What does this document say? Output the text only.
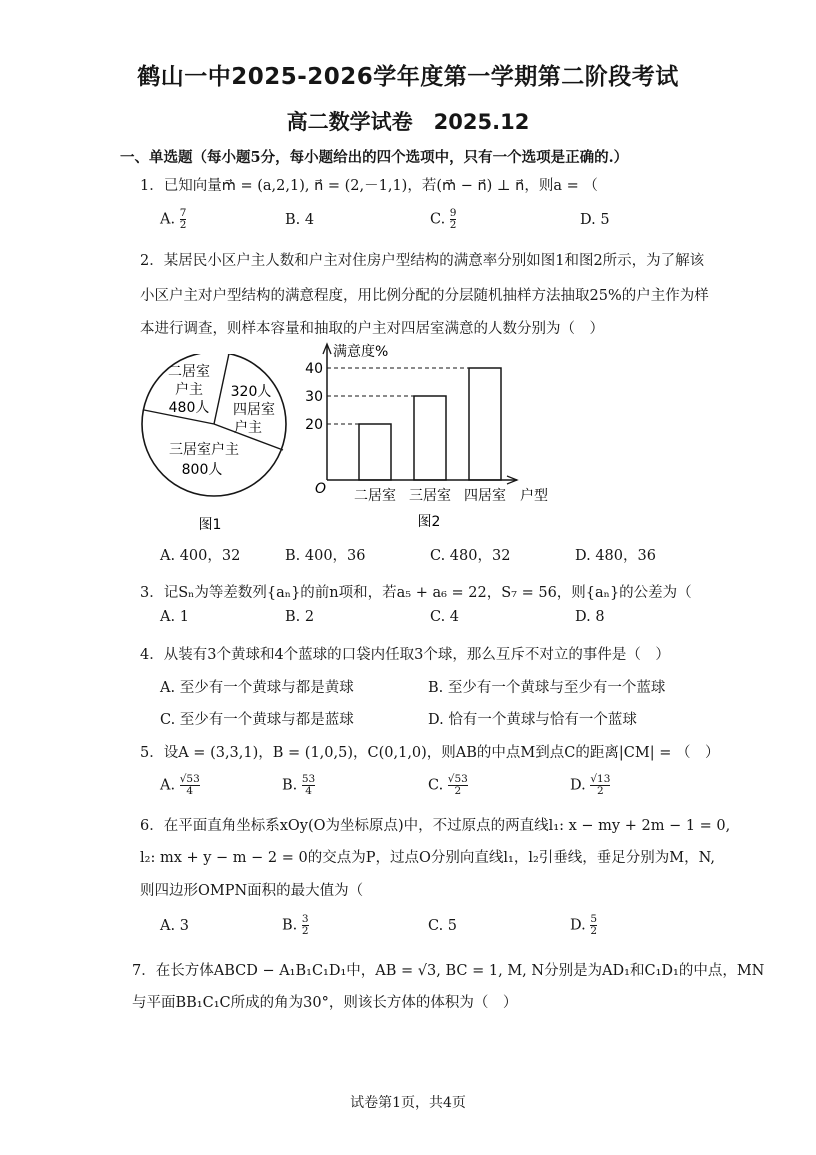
鹤山一中2025-2026学年度第一学期第二阶段考试
高二数学试卷　2025.12
一、单选题（每小题5分，每小题给出的四个选项中，只有一个选项是正确的.）
1．已知向量m⃗ = (a,2,1), n⃗ = (2,－1,1)，若(m⃗ − n⃗) ⊥ n⃗，则a = （
A. $\frac{7}{2}$	B. 4	C. $\frac{9}{2}$	D. 5
2．某居民小区户主人数和户主对住房户型结构的满意率分别如图1和图2所示，为了解该
小区户主对户型结构的满意程度，用比例分配的分层随机抽样方法抽取25%的户主作为样
本进行调查，则样本容量和抽取的户主对四居室满意的人数分别为（　）
二居室
户主
480人
320人
四居室
户主
三居室户主
800人
图1
满意度%
O 二居室 三居室 四居室
20
30
40
户型
图2
A. 400，32	B. 400，36	C. 480，32	D. 480，36
3．记Sₙ为等差数列{aₙ}的前n项和，若a₅ + a₆ = 22，S₇ = 56，则{aₙ}的公差为（
A. 1	B. 2	C. 4	D. 8
4．从装有3个黄球和4个蓝球的口袋内任取3个球，那么互斥不对立的事件是（　）
A. 至少有一个黄球与都是黄球	B. 至少有一个黄球与至少有一个蓝球
C. 至少有一个黄球与都是蓝球	D. 恰有一个黄球与恰有一个蓝球
5．设A = (3,3,1)，B = (1,0,5)，C(0,1,0)，则AB的中点M到点C的距离|CM| = （　）
A. $\frac{√53}{4}$	B. $\frac{53}{4}$	C. $\frac{√53}{2}$	D. $\frac{√13}{2}$
6．在平面直角坐标系xOy(O为坐标原点)中，不过原点的两直线l₁: x − my + 2m − 1 = 0,
l₂: mx + y − m − 2 = 0的交点为P，过点O分别向直线l₁，l₂引垂线，垂足分别为M，N,
则四边形OMPN面积的最大值为（
A. 3	B. $\frac{3}{2}$	C. 5	D. $\frac{5}{2}$
7．在长方体ABCD − A₁B₁C₁D₁中，AB = √3, BC = 1, M, N分别是为AD₁和C₁D₁的中点，MN
与平面BB₁C₁C所成的角为30°，则该长方体的体积为（　）
试卷第1页，共4页
